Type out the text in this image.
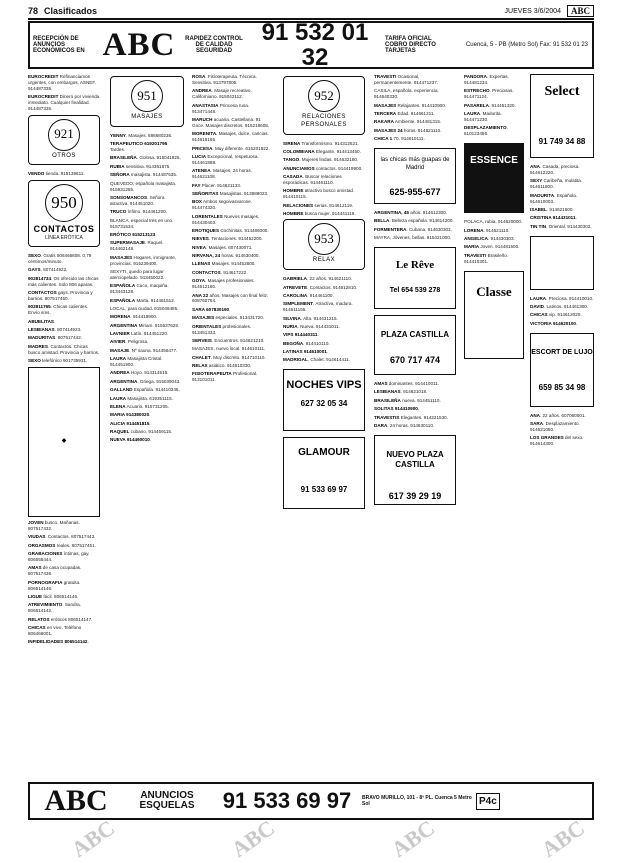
78 Clasificados	JUEVES 3/6/2004	ABC
RECEPCIÓN DE ANUNCIOS ECONÓMICOS EN ABC	RAPIDEZ CONTROL DE CALIDAD SEGURIDAD
91 532 01 32
TARIFA OFICIAL COBRO DIRECTO TARJETAS
Cuenca, 5 - PB (Metro Sol) Fax: 91 532 01 23

EUROCREDIT Refinanciamos urgentes, con embargos, ASNEF. 914487335.

EUROCREDIT Dinero por vivienda inmediato. Cualquier finalidad. 914487335.

921
OTROS

VENDO tienda. 915139811.

950
CONTACTOS
LÍNEA ERÓTICA

SEXO. Gratis 806466608. 0,79 céntimos/minuto.

GAYS. 807414922.

902814734. Os ofrecido las chicas más calientes. Solo 806 aparas.

CONTACTOS gays. Provincia y barrios. 807517450.

902811765. Chicas calientes. Envío sms.

ABUELITAS.

LESBIANAS. 807414923.

MADURITAS. 807517442.

MADRES. Contactos. Chicas busco amistad. Provincia y barrios.

SEXO telefónico 901735931.

◆

JOVEN busco. Mañanas. 807517432.

VIUDAS. Contactos. 807517443.

ORGASMOS reales. 807517451.

GRABACIONES íntimas, gay. 806555444.

AMAS de casa ocupadas. 807517436.

PORNOGRAFIA gratuita. 806514146.

LIGUE fácil. 806514146.

ATREVIMIENTO. Sandra. 806514142.

RELATOS eróticos 806514147.

CHICAS en vivo. Teléfono 806466001.

INFIDELIDADES 806514142.

951
MASAJES

YENNY. Masajes. 686680236.

TERAPEUTICO 619201795. Tardes.

BRASILEÑA. Golosa. 915041925.

RUBIA sensitiva. 914361875.

SEÑORA masajista. 914487535.

QUEVEDO, española masajista. 915931285.

SONSOMANCOS. Señora atractiva. 914451020.

TRUCO ínfimo. 914461200.

BLANCA, especial tres en uno. 915731534.

ERÓTICO 615213123.

SUPERMASAJE. Raquel. 914462148.

MASAJES Hogares, inmigrante, provincias. 915239400.

SEXYTI, quedo para lugar aterciopelado. 913450022.

ESPAÑOLA Cuco, maquiña. 913443128.

ESPAÑOLA Marta. 914481512.

LOCAL, para ciudad. 915046485.

MORENA. 914419900.

ARGENTINA Miriam. 915537629.

LAVNIER Latín. 914451220.

AIVIER. Peligrosa.

MASAJE. Nº sauna. 914456477.

LAURA Masajista Cristal. 914451900.

ANDREA Hoyo. 914314515.

ARGENTINA. Griega. 915039043.

GALLAND Española. 914410346.

LAURA Masajista. 619351115.

ELENA Acuario. 915731205.

MARIA 914380020.

ALICIA 914451815.

RAQUEL cubano. 914459115.

NUEVA 914460010.

ROSA. Fisioterapeuta. Técnica. Sensitiva. 913797805.

ANDREA. Masaje recreativo. Californiano. 915042112.

ANASTASIA Princesa rusa. 913471448.

MARUCH acuaria. Castellana. 91 Goce. Masajes discretos. 915218608.

MORENITA. Masajes, dulce, caricias. 914615165.

PRICESA. Muy diferente. 615201922.

LUCIA Excepcional, respetuosa. 914461888.

ATENEA. Masajes, 24 horas. 914621108.

FAY Placer. 914621133.

SEÑORITAS Masajistas. 913888023.

BOX Ambos segoivasvarone. 914474320.

LORENTALES Nuevos masajes. 914430403.

EROTIQUES Cochinitas. 914486000.

NIEVES. Tentaciones. 914452200.

NIVEA. Masajes. 607430071.

NIRVANA, 24 horas. 914630400.

LLENAS Masajes. 914452800.

CONTACTOS. 914617222.

GOYA. Masajes profesionales. 914612180.

ANA 22 años. Masajes con final feliz. 608760764.

SARA 607830190.

MASAJES especiales. 913431720.

ORIENTALES profesionales. 913451333.

SERVEIS. Encuentros. 914621210.

MASAJES, nuevo local. 914610111.

CHALET. Muy discreto. 914710110.

RELAX asiático. 914610330.

FISIOTERAPEUTA Profesional. 913101011.

952
RELACIONES PERSONALES

SIRENA Transformismo. 914312521.

COLOMBIANA Elegante. 914413450.

TANGO. Mujeres lindas. 914632180.

ANUNCIAMOS contactos. 914419900.

CASADA. Buscar relaciones esporádicas. 914461110.

HOMBRE atractivo busco amistad. 914410115.

RELACIONES serias. 914612119.

HOMBRE busca mujer. 914441119.

953
RELAX

GABRIELA. 22 años. 914621110.

ATREVETE. Contactos. 914612810.

CAROLINA. 914461100.

SIMPLEMENT. Atractiva, madura. 914611155.

SILVINA. Alta. 914431215.

NURIA. Nueva. 914431011.

VIPS 914440311.

BEGOÑA. 914410110.

LATINAS 914610001.

MADRIGAL. Chalet. 914614411.

NOCHES VIPS
627 32 05 34
GLAMOUR
91 533 69 97

TRAVESTI Ocasional, permanentemente. 914471237.

CASILA, española, experiencia. 914640330.

MASAJES Relajantes. 914410900.

TERCERA Edad. 914661211.

RAKARA Ambiente. 914481315.

MASAJES 24 horas. 914621110.

CHICA 1.70. 914610111.

las chicas más guapas de Madrid
625-955-677

ARGENTINA, 45 años. 914612300.

BELLA. Belleza española. 914614200.

FORMENTERA. Cubana. 914630303.

MAYRA, Jóvenes, bellas. 915421000.

Le Rêve
Tel 654 539 278
PLAZA CASTILLA
670 717 474

AMAS dominantes. 914410011.

LESBIANAS. 914621018.

BRASILEÑA nueva. 914451110.

SOLITAS 914410900.

TRAVESTIS Elegantes. 914221530.

DARA. 24 horas. 914630110.

NUEVO PLAZA CASTILLA
617 39 29 19

PANDORA. Expertas. 914481234.

ESTRECHO. Preciosas. 914471124.

PASARELA. 914451320.

LAURA. Madurita. 914471230.

DESPLAZAMIENTO. 610123456.

ESSENCE

POLACA, rubia. 914620000.

LORENA. 914621110.

ANGELICA. 914430303.

MARIA Joven. 914481500.

TRAVESTI Brasileño. 914410301.

Classe
Select
91 749 34 88

ANA. Casada, preciosa. 914612220.

SEXY Caribeña, mulatita. 914611800.

MADURITA. Española. 914610003.

ISABEL. 914621500.

CRISTINA 914431011.

TIN TIN. Oriental. 914430302.

LAURA. Preciosa. 914410010.

DAVID. Latinos. 914461300.

CHICAS vip. 914612020.

VICTORIA 914620100.

ESCORT DE LUJO
659 85 34 98

ANA. 22 años. 607060001.

SARA. Desplazamiento. 914621050.

LOS GRANDES del sexo. 914614300.

ABC	ANUNCIOS ESQUELAS	91 533 69 97	BRAVO MURILLO, 101 - 8º PL. Cuenca 5 Metro Sol	P4c
ABC	ABC	ABC	ABC
